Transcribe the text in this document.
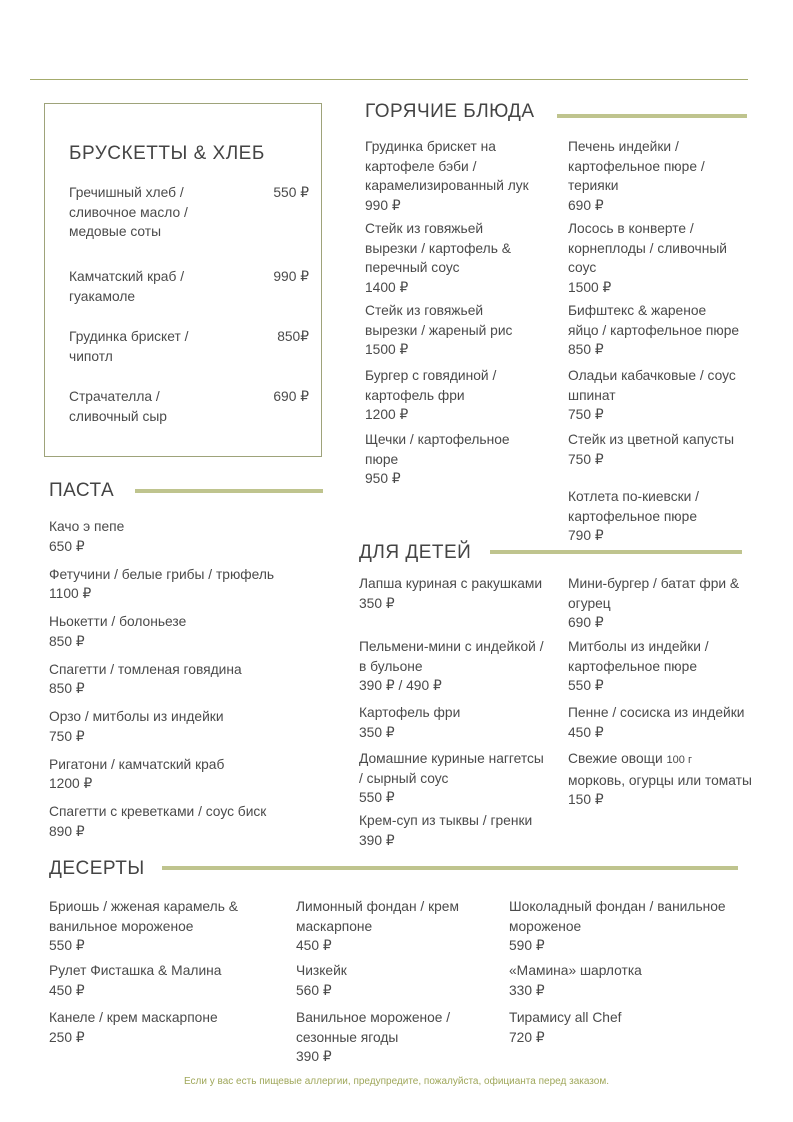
БРУСКЕТТЫ & ХЛЕБ
Гречишный хлеб /
сливочное масло /
медовые соты
550 ₽
Камчатский краб /
гуакамоле
990 ₽
Грудинка брискет /
чипотл
850₽
Страчателла /
сливочный сыр
690 ₽
ГОРЯЧИЕ БЛЮДА
Грудинка брискет на
картофеле бэби /
карамелизированный лук
990 ₽
Стейк из говяжьей
вырезки / картофель &
перечный соус
1400 ₽
Стейк из говяжьей
вырезки / жареный рис
1500 ₽
Бургер с говядиной /
картофель фри
1200 ₽
Щечки / картофельное
пюре
950 ₽
Печень индейки /
картофельное пюре /
терияки
690 ₽
Лосось в конверте /
корнеплоды / сливочный
соус
1500 ₽
Бифштекс & жареное
яйцо / картофельное пюре
850 ₽
Оладьи кабачковые / соус
шпинат
750 ₽
Стейк из цветной капусты
750 ₽
Котлета по-киевски /
картофельное пюре
790 ₽
ПАСТА
Качо э пепе
650 ₽
Фетучини / белые грибы / трюфель
1100 ₽
Ньокетти / болоньезе
850 ₽
Спагетти / томленая говядина
850 ₽
Орзо / митболы из индейки
750 ₽
Ригатони / камчатский краб
1200 ₽
Спагетти с креветками / соус биск
890 ₽
ДЛЯ ДЕТЕЙ
Лапша куриная с ракушками
350 ₽
Пельмени-мини с индейкой /
в бульоне
390 ₽ / 490 ₽
Картофель фри
350 ₽
Домашние куриные наггетсы
/ сырный соус
550 ₽
Крем-суп из тыквы / гренки
390 ₽
Мини-бургер / батат фри &
огурец
690 ₽
Митболы из индейки /
картофельное пюре
550 ₽
Пенне / сосиска из индейки
450 ₽
Свежие овощи 100 г
морковь, огурцы или томаты
150 ₽
ДЕСЕРТЫ
Бриошь / жженая карамель &
ванильное мороженое
550 ₽
Рулет Фисташка & Малина
450 ₽
Канеле / крем маскарпоне
250 ₽
Лимонный фондан / крем
маскарпоне
450 ₽
Чизкейк
560 ₽
Ванильное мороженое /
сезонные ягоды
390 ₽
Шоколадный фондан / ванильное
мороженое
590 ₽
«Мамина» шарлотка
330 ₽
Тирамису all Chef
720 ₽
Если у вас есть пищевые аллергии, предупредите, пожалуйста, официанта перед заказом.
